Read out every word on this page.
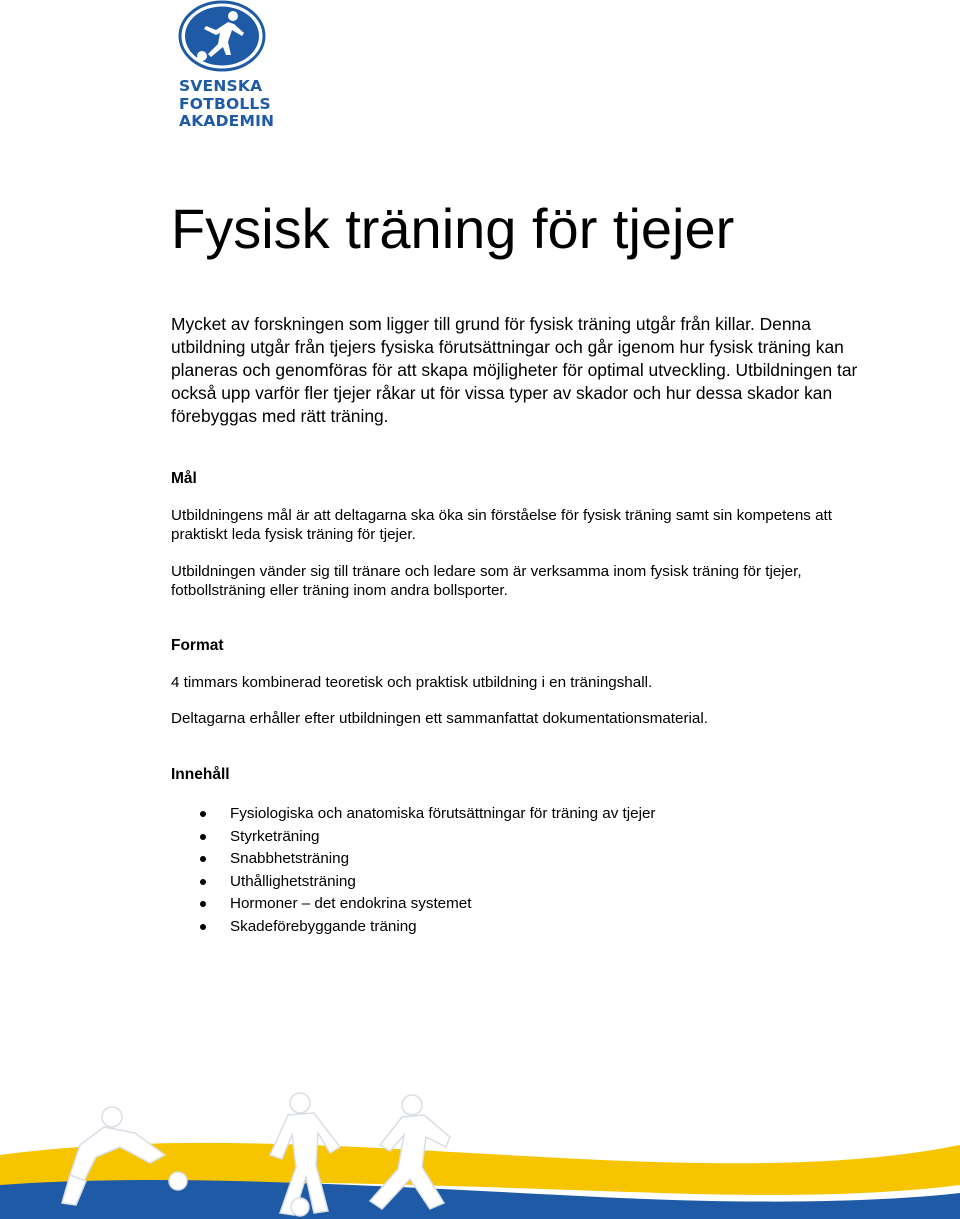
SVENSKA
FOTBOLLS
AKADEMIN
Fysisk träning för tjejer

Mycket av forskningen som ligger till grund för fysisk träning utgår från killar. Denna utbildning utgår från tjejers fysiska förutsättningar och går igenom hur fysisk träning kan planeras och genomföras för att skapa möjligheter för optimal utveckling. Utbildningen tar också upp varför fler tjejer råkar ut för vissa typer av skador och hur dessa skador kan förebyggas med rätt träning.

Mål

Utbildningens mål är att deltagarna ska öka sin förståelse för fysisk träning samt sin kompetens att praktiskt leda fysisk träning för tjejer.

Utbildningen vänder sig till tränare och ledare som är verksamma inom fysisk träning för tjejer, fotbollsträning eller träning inom andra bollsporter.

Format

4 timmars kombinerad teoretisk och praktisk utbildning i en träningshall.

Deltagarna erhåller efter utbildningen ett sammanfattat dokumentationsmaterial.

Innehåll
Fysiologiska och anatomiska förutsättningar för träning av tjejer
Styrketräning
Snabbhetsträning
Uthållighetsträning
Hormoner – det endokrina systemet
Skadeförebyggande träning
